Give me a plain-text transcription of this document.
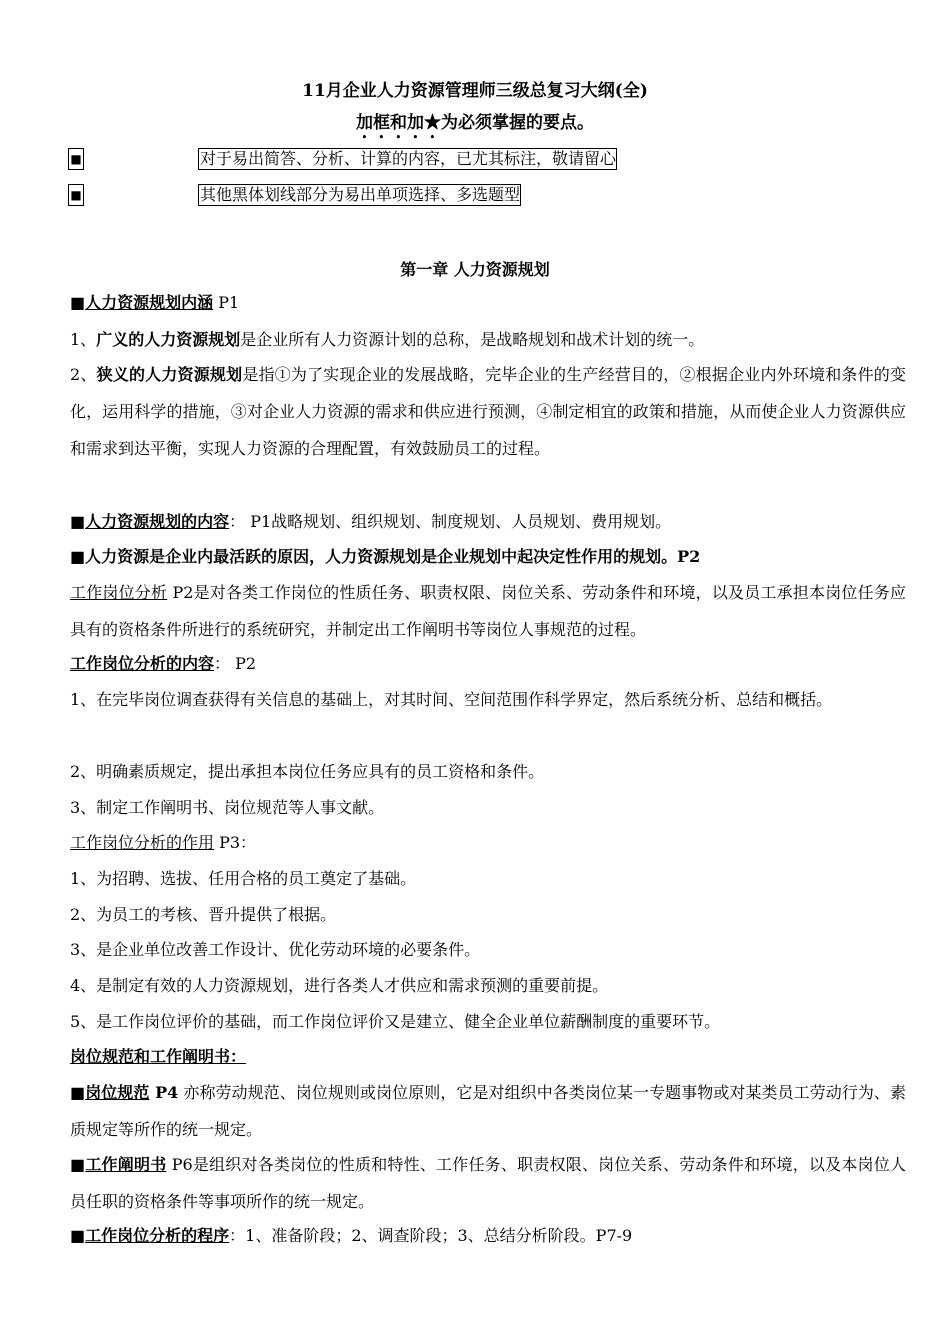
11月企业人力资源管理师三级总复习大纲(全)
加框和加★为必须掌握的要点。
■	对于易出简答、分析、计算的内容，已尤其标注，敬请留心
■	其他黑体划线部分为易出单项选择、多选题型
第一章 人力资源规划
■人力资源规划内涵 P1
1、广义的人力资源规划是企业所有人力资源计划的总称，是战略规划和战术计划的统一。
2、狭义的人力资源规划是指①为了实现企业的发展战略，完毕企业的生产经营目的，②根据企业内外环境和条件的变化，运用科学的措施，③对企业人力资源的需求和供应进行预测，④制定相宜的政策和措施，从而使企业人力资源供应和需求到达平衡，实现人力资源的合理配置，有效鼓励员工的过程。
■人力资源规划的内容： P1战略规划、组织规划、制度规划、人员规划、费用规划。
■人力资源是企业内最活跃的原因，人力资源规划是企业规划中起决定性作用的规划。P2
工作岗位分析 P2是对各类工作岗位的性质任务、职责权限、岗位关系、劳动条件和环境，以及员工承担本岗位任务应具有的资格条件所进行的系统研究，并制定出工作阐明书等岗位人事规范的过程。
工作岗位分析的内容： P2
1、在完毕岗位调查获得有关信息的基础上，对其时间、空间范围作科学界定，然后系统分析、总结和概括。
2、明确素质规定，提出承担本岗位任务应具有的员工资格和条件。
3、制定工作阐明书、岗位规范等人事文献。
工作岗位分析的作用 P3：
1、为招聘、选拔、任用合格的员工奠定了基础。
2、为员工的考核、晋升提供了根据。
3、是企业单位改善工作设计、优化劳动环境的必要条件。
4、是制定有效的人力资源规划，进行各类人才供应和需求预测的重要前提。
5、是工作岗位评价的基础，而工作岗位评价又是建立、健全企业单位薪酬制度的重要环节。
岗位规范和工作阐明书：
■岗位规范 P4 亦称劳动规范、岗位规则或岗位原则，它是对组织中各类岗位某一专题事物或对某类员工劳动行为、素质规定等所作的统一规定。
■工作阐明书 P6是组织对各类岗位的性质和特性、工作任务、职责权限、岗位关系、劳动条件和环境，以及本岗位人员任职的资格条件等事项所作的统一规定。
■工作岗位分析的程序：1、准备阶段；2、调查阶段；3、总结分析阶段。P7-9
